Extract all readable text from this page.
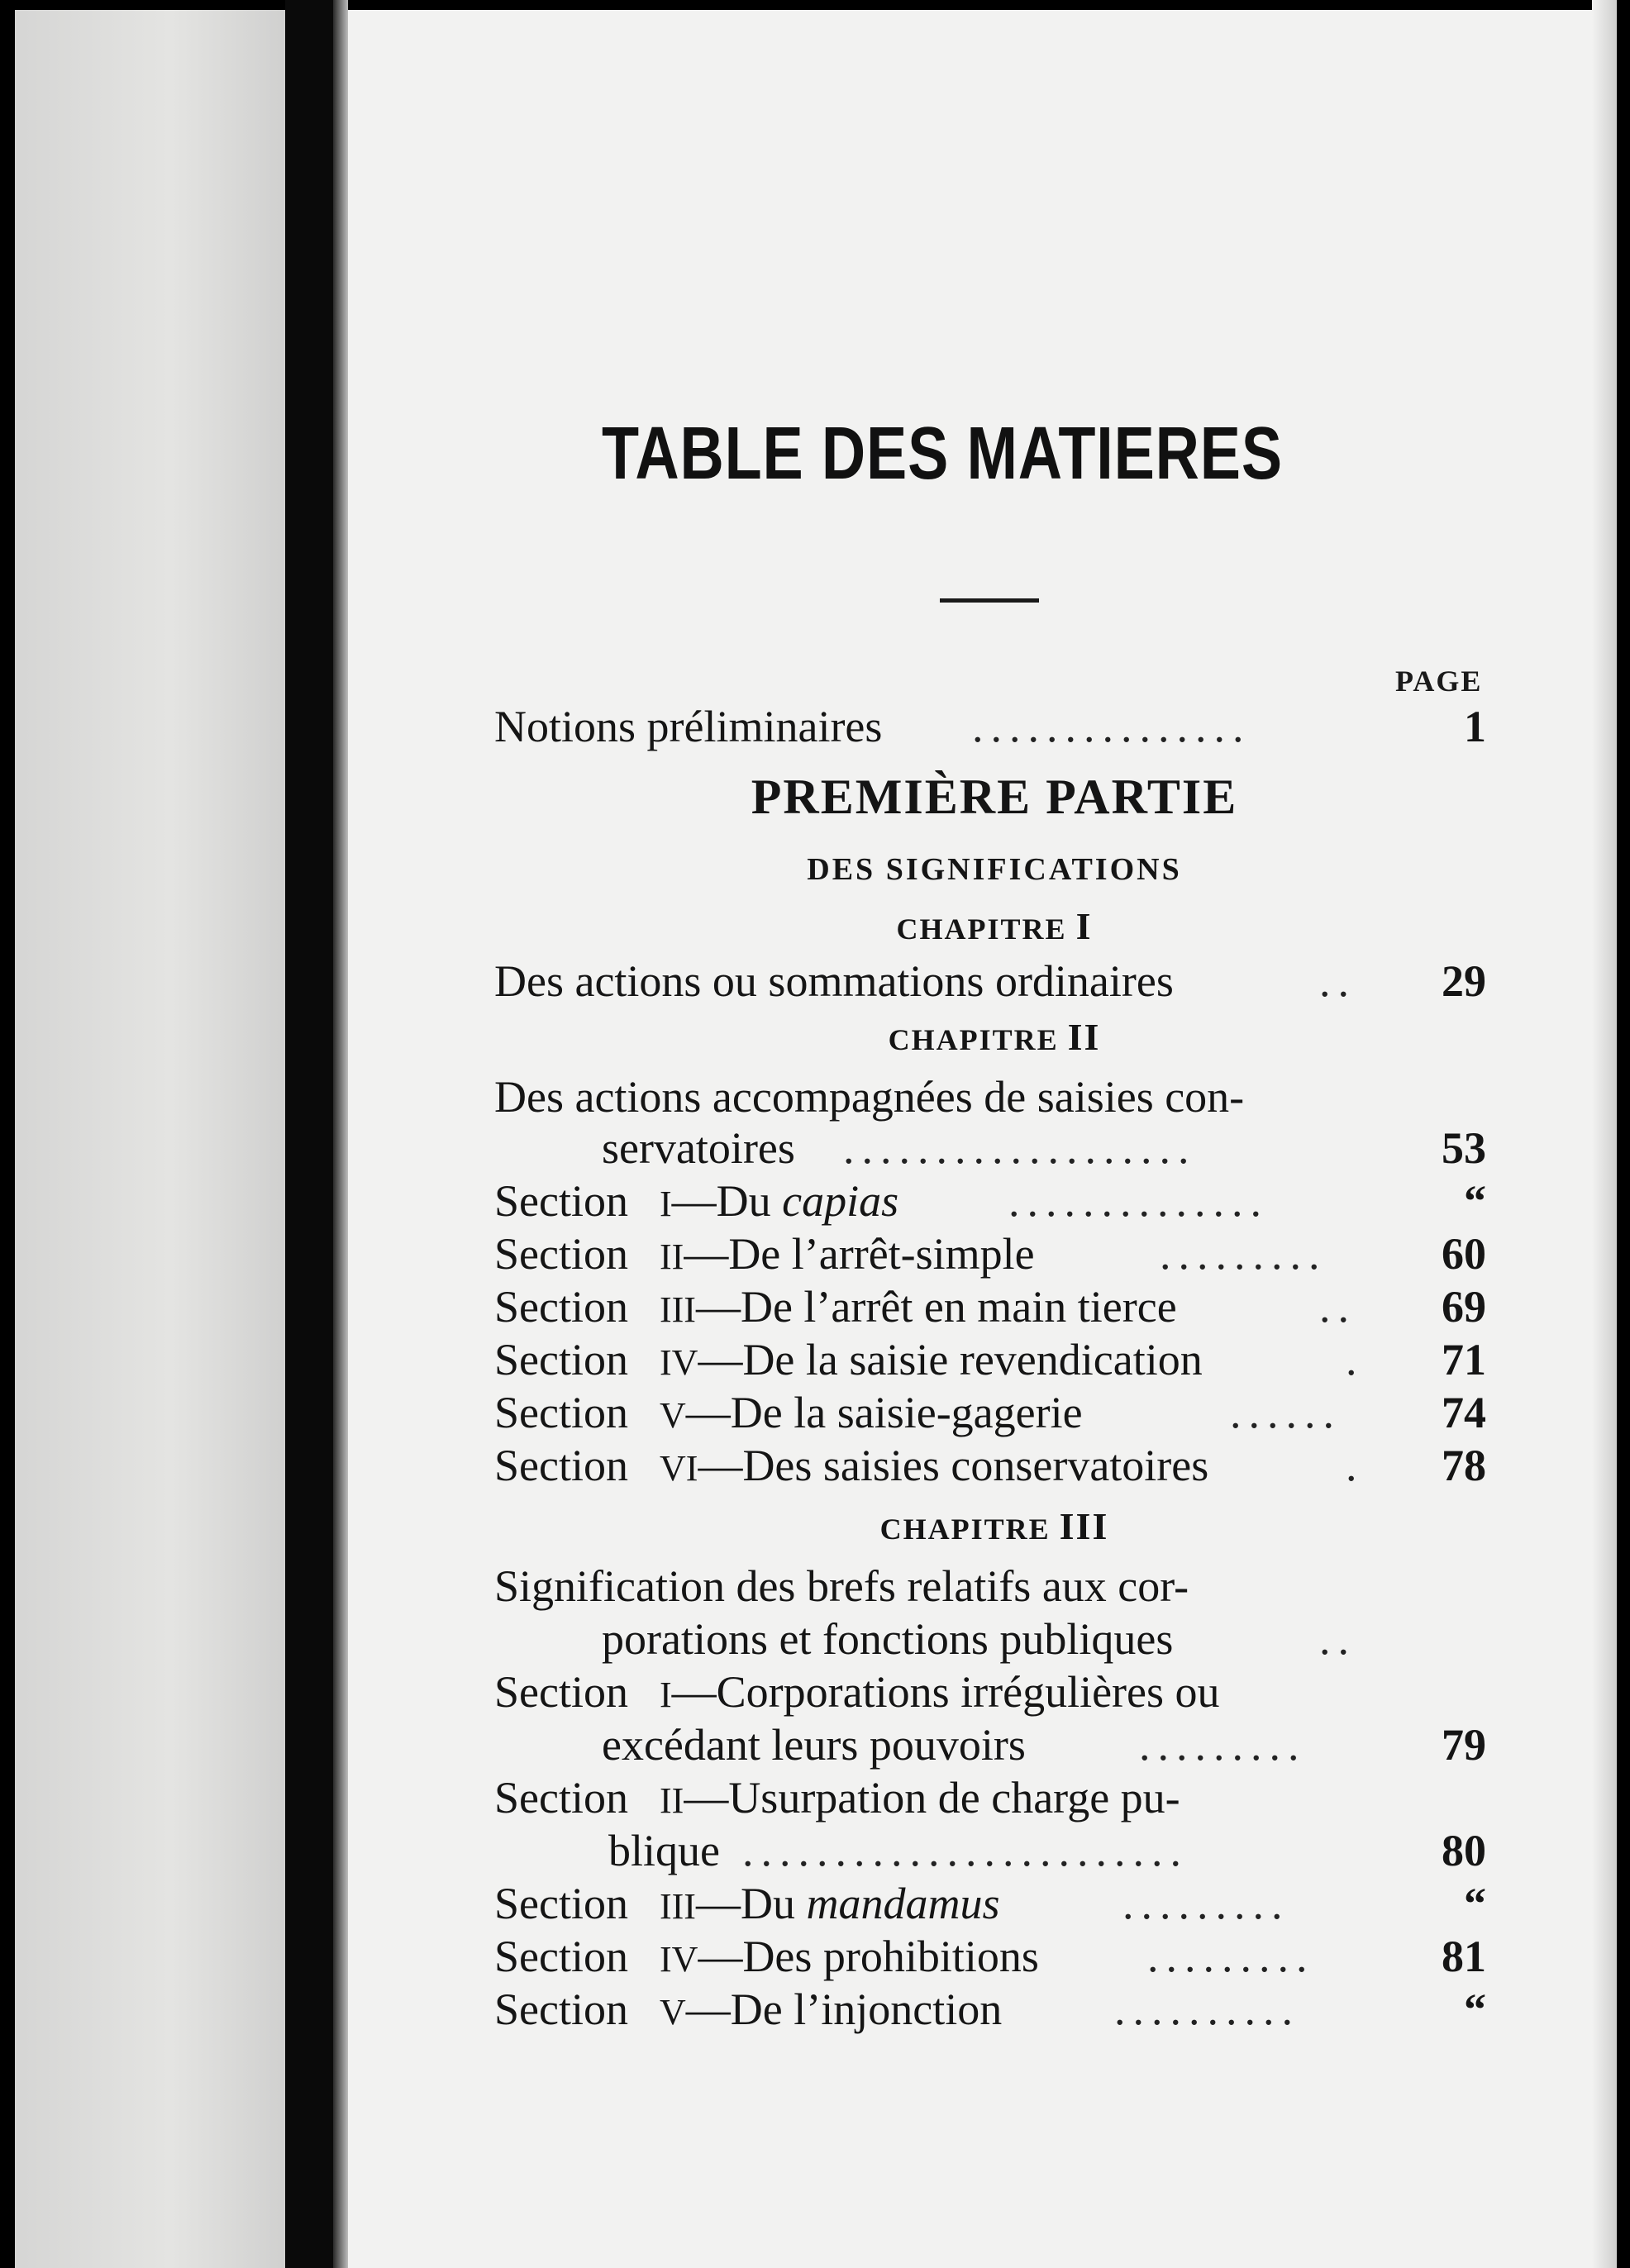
TABLE DES MATIERES
PAGE
Notions préliminaires ...............	1
PREMIÈRE PARTIE
DES SIGNIFICATIONS
CHAPITRE I
Des actions ou sommations ordinaires	.. 29
CHAPITRE II
Des actions accompagnées de saisies con-
servatoires ...................	53
Section I—Du capias ..............	“
Section II—De l’arrêt-simple	.........	60
Section III—De l’arrêt en main tierce	.. 69
Section IV—De la saisie revendication	. 71
Section V—De la saisie-gagerie	...... 74
Section VI—Des saisies conservatoires	. 78
CHAPITRE III
Signification des brefs relatifs aux cor-
porations et fonctions publiques	..
Section I—Corporations irrégulières ou
excédant leurs pouvoirs	.........	79
Section II—Usurpation de charge pu-
blique ........................	80
Section III—Du mandamus	.........	“
Section IV—Des prohibitions .........	81
Section V—De l’injonction	..........	“
